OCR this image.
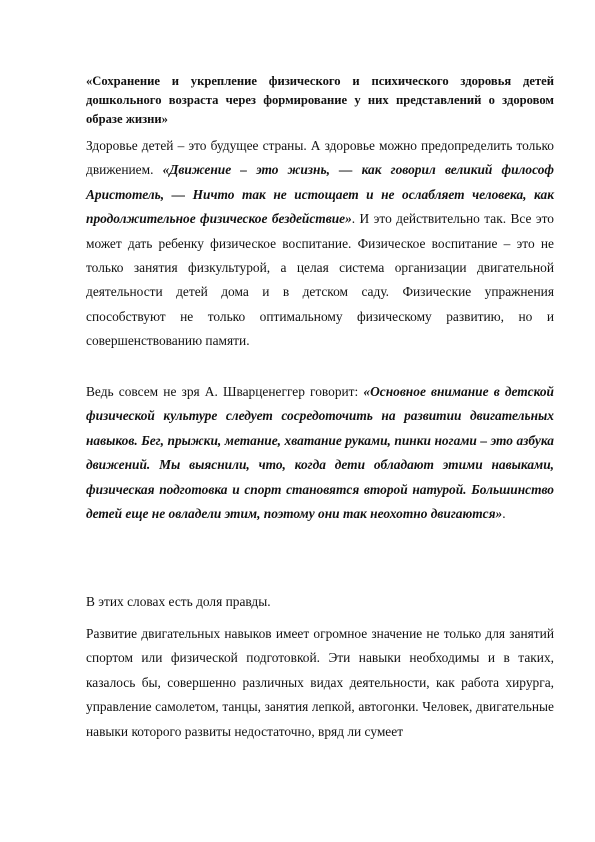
«Сохранение и укрепление физического и психического здоровья детей дошкольного возраста через формирование у них представлений о здоровом образе жизни»
Здоровье детей – это будущее страны. А здоровье можно предопределить только движением. «Движение – это жизнь, — как говорил великий философ Аристотель, — Ничто так не истощает и не ослабляет человека, как продолжительное физическое бездействие». И это действительно так. Все это может дать ребенку физическое воспитание. Физическое воспитание – это не только занятия физкультурой, а целая система организации двигательной деятельности детей дома и в детском саду. Физические упражнения способствуют не только оптимальному физическому развитию, но и совершенствованию памяти.
Ведь совсем не зря А. Шварценеггер говорит: «Основное внимание в детской физической культуре следует сосредоточить на развитии двигательных навыков. Бег, прыжки, метание, хватание руками, пинки ногами – это азбука движений. Мы выяснили, что, когда дети обладают этими навыками, физическая подготовка и спорт становятся второй натурой. Большинство детей еще не овладели этим, поэтому они так неохотно двигаются».
В этих словах есть доля правды.
Развитие двигательных навыков имеет огромное значение не только для занятий спортом или физической подготовкой. Эти навыки необходимы и в таких, казалось бы, совершенно различных видах деятельности, как работа хирурга, управление самолетом, танцы, занятия лепкой, автогонки. Человек, двигательные навыки которого развиты недостаточно, вряд ли сумеет
